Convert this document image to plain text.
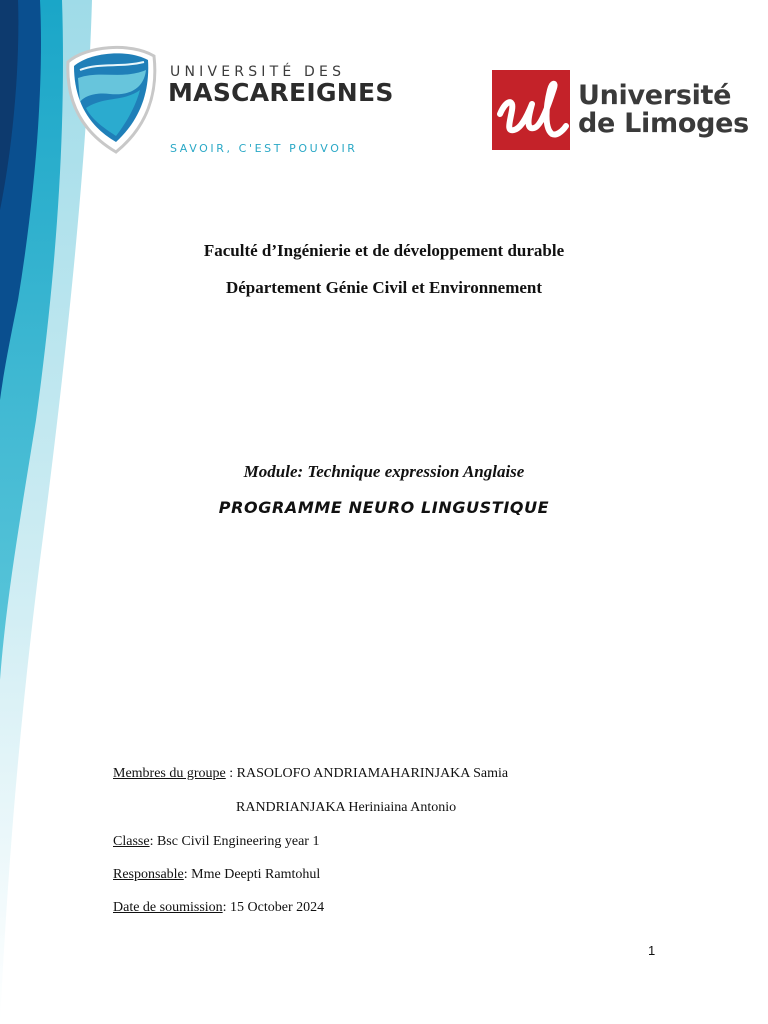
UNIVERSITÉ DES
MASCAREIGNES
SAVOIR, C'EST POUVOIR
Université
de Limoges
Faculté d’Ingénierie et de développement durable
Département Génie Civil et Environnement
Module: Technique expression Anglaise
PROGRAMME NEURO LINGUSTIQUE
Membres du groupe : RASOLOFO ANDRIAMAHARINJAKA Samia
RANDRIANJAKA Heriniaina Antonio
Classe: Bsc Civil Engineering year 1
Responsable: Mme Deepti Ramtohul
Date de soumission: 15 October 2024
1
